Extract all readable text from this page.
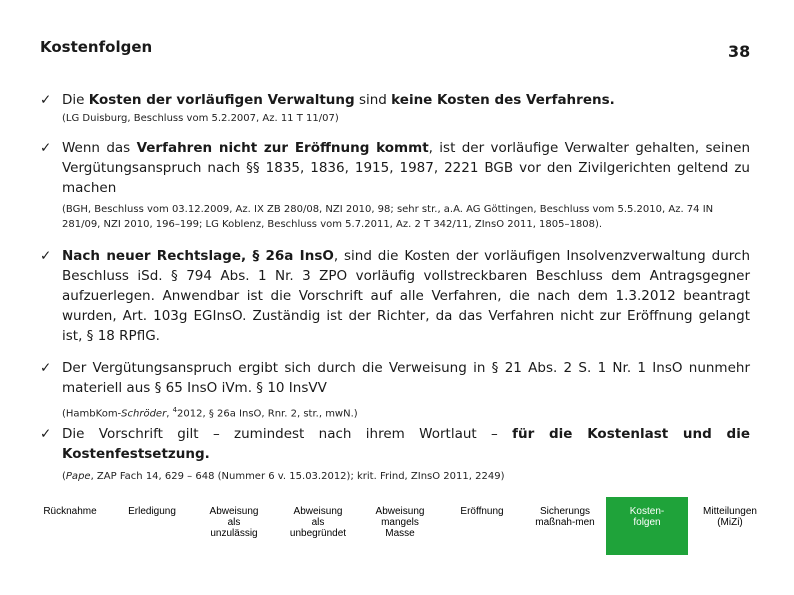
Kostenfolgen	38
✓ Die Kosten der vorläufigen Verwaltung sind keine Kosten des Verfahrens.
(LG Duisburg, Beschluss vom 5.2.2007, Az. 11 T 11/07)
✓ Wenn das Verfahren nicht zur Eröffnung kommt, ist der vorläufige Verwalter gehalten, seinen Vergütungsanspruch nach §§ 1835, 1836, 1915, 1987, 2221 BGB vor den Zivilgerichten geltend zu machen
(BGH, Beschluss vom 03.12.2009, Az. IX ZB 280/08, NZI 2010, 98; sehr str., a.A. AG Göttingen, Beschluss vom 5.5.2010, Az. 74 IN 281/09, NZI 2010, 196–199; LG Koblenz, Beschluss vom 5.7.2011, Az. 2 T 342/11, ZInsO 2011, 1805–1808).
✓ Nach neuer Rechtslage, § 26a InsO, sind die Kosten der vorläufigen Insolvenzverwaltung durch Beschluss iSd. § 794 Abs. 1 Nr. 3 ZPO vorläufig vollstreckbaren Beschluss dem Antragsgegner aufzuerlegen. Anwendbar ist die Vorschrift auf alle Verfahren, die nach dem 1.3.2012 beantragt wurden, Art. 103g EGInsO. Zuständig ist der Richter, da das Verfahren nicht zur Eröffnung gelangt ist, § 18 RPflG.
✓ Der Vergütungsanspruch ergibt sich durch die Verweisung in § 21 Abs. 2 S. 1 Nr. 1 InsO nunmehr materiell aus § 65 InsO iVm. § 10 InsVV
(HambKom-Schröder, $^4$2012, § 26a InsO, Rnr. 2, str., mwN.)
✓ Die Vorschrift gilt – zumindest nach ihrem Wortlaut – für die Kostenlast und die Kostenfestsetzung.
(Pape, ZAP Fach 14, 629 – 648 (Nummer 6 v. 15.03.2012); krit. Frind, ZInsO 2011, 2249)
Rücknahme	Erledigung	Abweisung
als
unzulässig
Abweisung
als
unbegründet
Abweisung
mangels
Masse
Eröffnung	Sicherungs
maßnah-men
Kosten-
folgen
Mitteilungen
(MiZi)
